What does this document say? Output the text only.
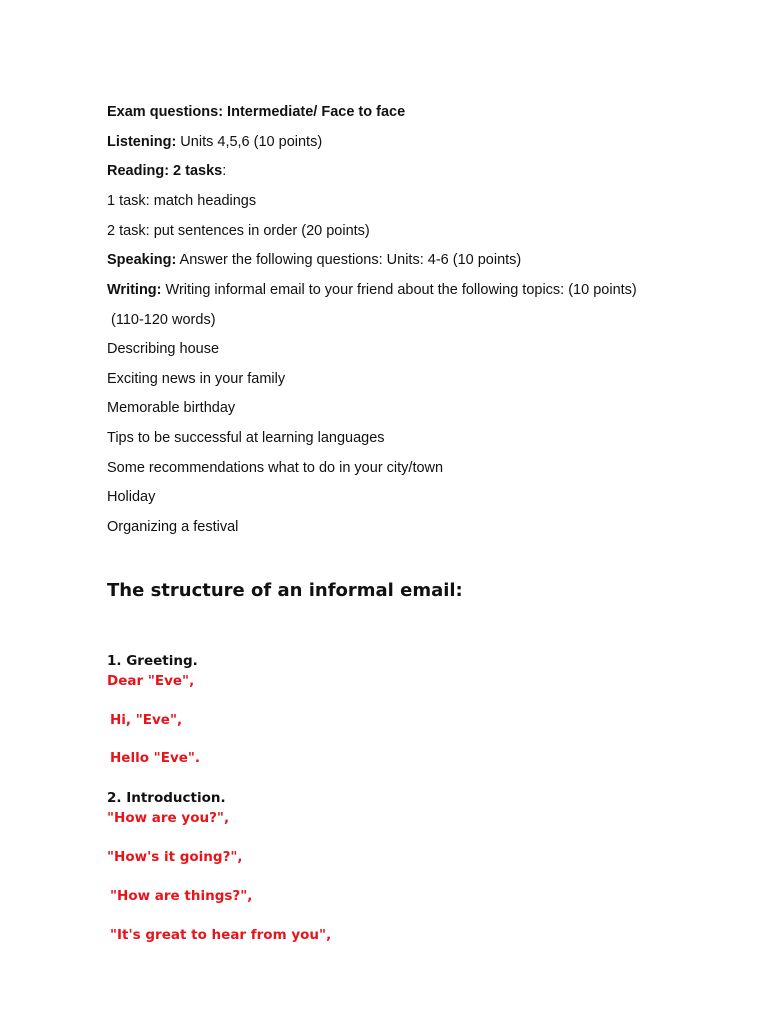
Exam questions: Intermediate/ Face to face
Listening: Units 4,5,6 (10 points)
Reading: 2 tasks:
1 task: match headings
2 task: put sentences in order (20 points)
Speaking: Answer the following questions: Units: 4-6 (10 points)
Writing: Writing informal email to your friend about the following topics: (10 points)
(110-120 words)
Describing house
Exciting news in your family
Memorable birthday
Tips to be successful at learning languages
Some recommendations what to do in your city/town
Holiday
Organizing a festival
The structure of an informal email:
1. Greeting.
Dear "Eve",
Hi, "Eve",
Hello "Eve".
2. Introduction.
"How are you?",
"How's it going?",
"How are things?",
"It's great to hear from you",
